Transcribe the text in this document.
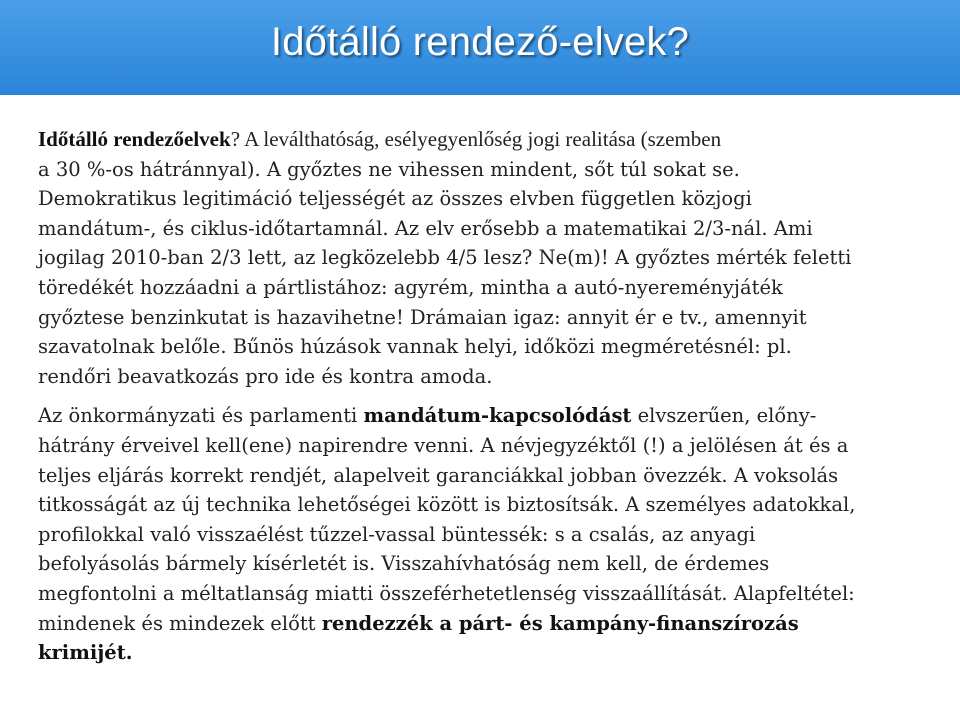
Időtálló rendező-elvek?

Időtálló rendezőelvek? A leválthatóság, esélyegyenlőség jogi realitása (szemben
a 30 %-os hátránnyal). A győztes ne vihessen mindent, sőt túl sokat se.
Demokratikus legitimáció teljességét az összes elvben független közjogi
mandátum-, és ciklus-időtartamnál. Az elv erősebb a matematikai 2/3-nál. Ami
jogilag 2010-ban 2/3 lett, az legközelebb 4/5 lesz? Ne(m)! A győztes mérték feletti
töredékét hozzáadni a pártlistához: agyrém, mintha a autó-nyereményjáték
győztese benzinkutat is hazavihetne! Drámaian igaz: annyit ér e tv., amennyit
szavatolnak belőle. Bűnös húzások vannak helyi, időközi megméretésnél: pl.
rendőri beavatkozás pro ide és kontra amoda.

Az önkormányzati és parlamenti mandátum-kapcsolódást elvszerűen, előny-
hátrány érveivel kell(ene) napirendre venni. A névjegyzéktől (!) a jelölésen át és a
teljes eljárás korrekt rendjét, alapelveit garanciákkal jobban övezzék. A voksolás
titkosságát az új technika lehetőségei között is biztosítsák. A személyes adatokkal,
profilokkal való visszaélést tűzzel-vassal büntessék: s a csalás, az anyagi
befolyásolás bármely kísérletét is. Visszahívhatóság nem kell, de érdemes
megfontolni a méltatlanság miatti összeférhetetlenség visszaállítását. Alapfeltétel:
mindenek és mindezek előtt rendezzék a párt- és kampány-finanszírozás
krimijét.
